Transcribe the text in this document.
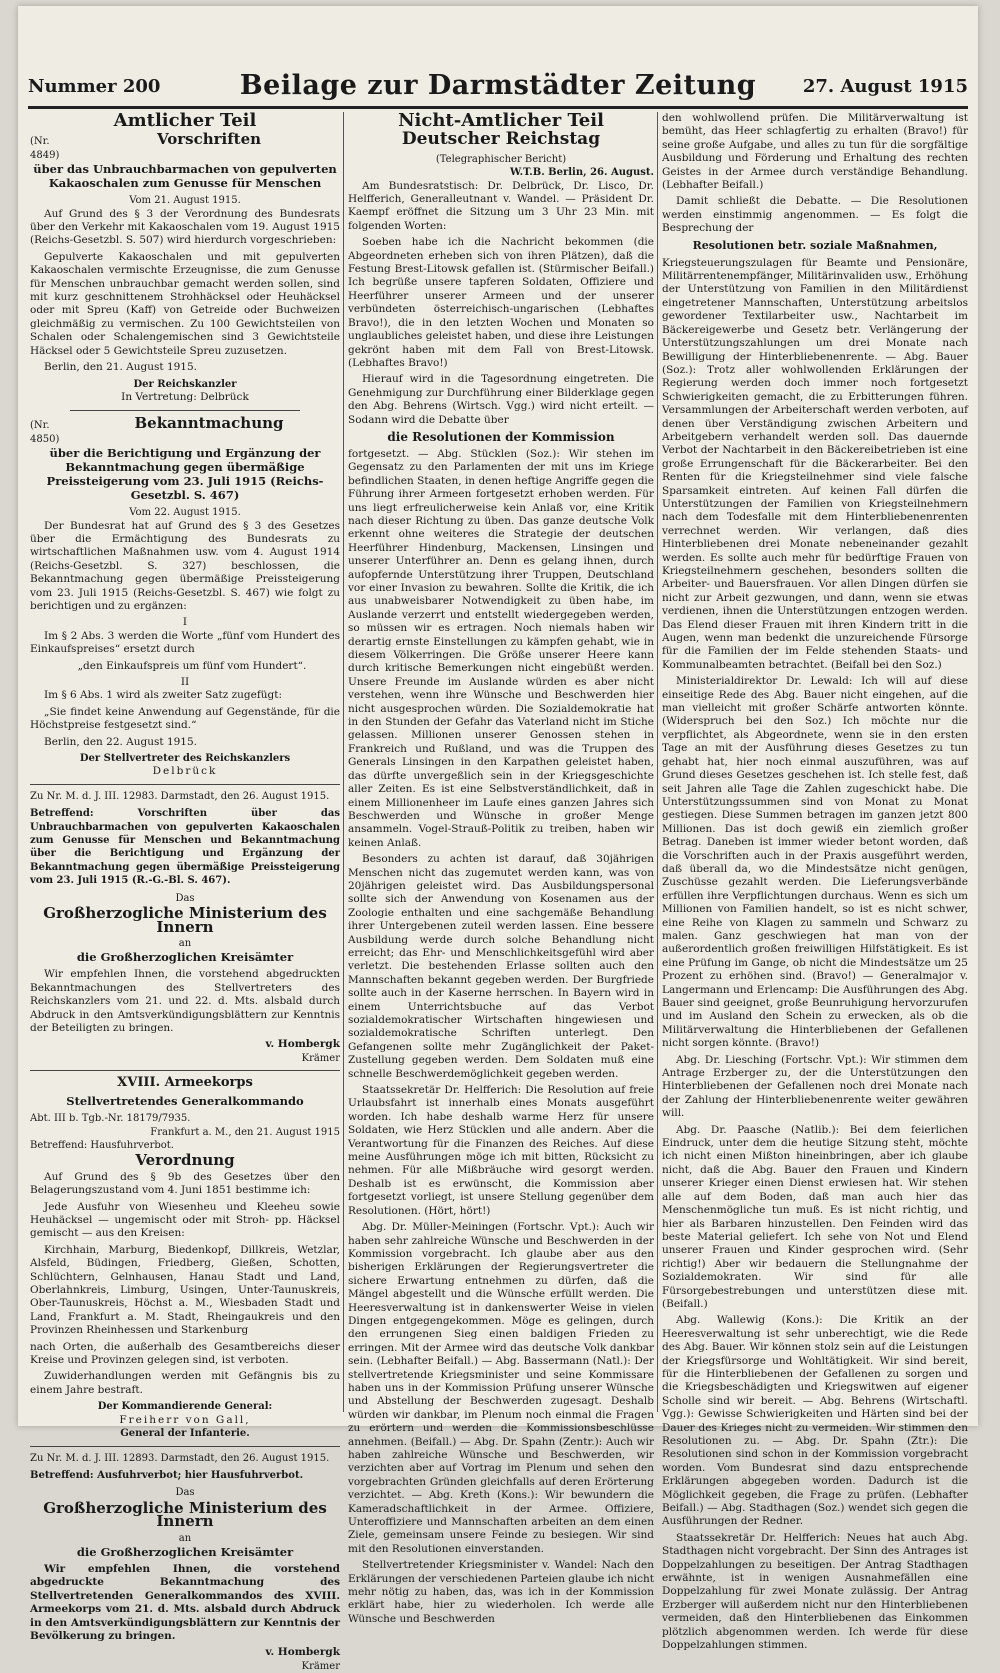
Nummer 200	Beilage zur Darmstädter Zeitung	27. August 1915
Amtlicher Teil
(Nr. 4849)
Vorschriften
über das Unbrauchbarmachen von gepulverten Kakaoschalen zum Genusse für Menschen
Vom 21. August 1915.

Auf Grund des § 3 der Verordnung des Bundesrats über den Verkehr mit Kakaoschalen vom 19. August 1915 (Reichs-Gesetzbl. S. 507) wird hierdurch vorgeschrieben:

Gepulverte Kakaoschalen und mit gepulverten Kakaoschalen vermischte Erzeugnisse, die zum Genusse für Menschen unbrauchbar gemacht werden sollen, sind mit kurz geschnittenem Strohhäcksel oder Heuhäcksel oder mit Spreu (Kaff) von Getreide oder Buchweizen gleichmäßig zu vermischen. Zu 100 Gewichtsteilen von Schalen oder Schalengemischen sind 3 Gewichtsteile Häcksel oder 5 Gewichtsteile Spreu zuzusetzen.

Berlin, den 21. August 1915.

Der Reichskanzler
In Vertretung: Delbrück
(Nr. 4850)
Bekanntmachung
über die Berichtigung und Ergänzung der Bekanntmachung gegen übermäßige Preissteigerung vom 23. Juli 1915 (Reichs-Gesetzbl. S. 467)
Vom 22. August 1915.

Der Bundesrat hat auf Grund des § 3 des Gesetzes über die Ermächtigung des Bundesrats zu wirtschaftlichen Maßnahmen usw. vom 4. August 1914 (Reichs-Gesetzbl. S. 327) beschlossen, die Bekanntmachung gegen übermäßige Preissteigerung vom 23. Juli 1915 (Reichs-Gesetzbl. S. 467) wie folgt zu berichtigen und zu ergänzen:

I

Im § 2 Abs. 3 werden die Worte „fünf vom Hundert des Einkaufspreises“ ersetzt durch

„den Einkaufspreis um fünf vom Hundert“.

II

Im § 6 Abs. 1 wird als zweiter Satz zugefügt:

„Sie findet keine Anwendung auf Gegenstände, für die Höchstpreise festgesetzt sind.“

Berlin, den 22. August 1915.

Der Stellvertreter des Reichskanzlers
Delbrück
Zu Nr. M. d. J. III. 12983. Darmstadt, den 26. August 1915.
Betreffend: Vorschriften über das Unbrauchbarmachen von gepulverten Kakaoschalen zum Genusse für Menschen und Bekanntmachung über die Berichtigung und Ergänzung der Bekanntmachung gegen übermäßige Preissteigerung vom 23. Juli 1915 (R.-G.-Bl. S. 467).
Das
Großherzogliche Ministerium des Innern
an
die Großherzoglichen Kreisämter

Wir empfehlen Ihnen, die vorstehend abgedruckten Bekanntmachungen des Stellvertreters des Reichskanzlers vom 21. und 22. d. Mts. alsbald durch Abdruck in den Amtsverkündigungsblättern zur Kenntnis der Beteiligten zu bringen.

v. Hombergk
Krämer
XVIII. Armeekorps
Stellvertretendes Generalkommando
Abt. III b. Tgb.-Nr. 18179/7935.
Frankfurt a. M., den 21. August 1915
Betreffend: Hausfuhrverbot.
Verordnung

Auf Grund des § 9b des Gesetzes über den Belagerungszustand vom 4. Juni 1851 bestimme ich:

Jede Ausfuhr von Wiesenheu und Kleeheu sowie Heuhäcksel — ungemischt oder mit Stroh- pp. Häcksel gemischt — aus den Kreisen:

Kirchhain, Marburg, Biedenkopf, Dillkreis, Wetzlar, Alsfeld, Büdingen, Friedberg, Gießen, Schotten, Schlüchtern, Gelnhausen, Hanau Stadt und Land, Oberlahnkreis, Limburg, Usingen, Unter-Taunuskreis, Ober-Taunuskreis, Höchst a. M., Wiesbaden Stadt und Land, Frankfurt a. M. Stadt, Rheingaukreis und den Provinzen Rheinhessen und Starkenburg

nach Orten, die außerhalb des Gesamtbereichs dieser Kreise und Provinzen gelegen sind, ist verboten.

Zuwiderhandlungen werden mit Gefängnis bis zu einem Jahre bestraft.

Der Kommandierende General:
Freiherr von Gall,
General der Infanterie.
Zu Nr. M. d. J. III. 12893. Darmstadt, den 26. August 1915.
Betreffend: Ausfuhrverbot; hier Hausfuhrverbot.
Das
Großherzogliche Ministerium des Innern
an
die Großherzoglichen Kreisämter

Wir empfehlen Ihnen, die vorstehend abgedruckte Bekanntmachung des Stellvertretenden Generalkommandos des XVIII. Armeekorps vom 21. d. Mts. alsbald durch Abdruck in den Amtsverkündigungsblättern zur Kenntnis der Bevölkerung zu bringen.

v. Hombergk
Krämer
Nicht-Amtlicher Teil
Deutscher Reichstag
(Telegraphischer Bericht)
W.T.B. Berlin, 26. August.

Am Bundesratstisch: Dr. Delbrück, Dr. Lisco, Dr. Helfferich, Generalleutnant v. Wandel. — Präsident Dr. Kaempf eröffnet die Sitzung um 3 Uhr 23 Min. mit folgenden Worten:

Soeben habe ich die Nachricht bekommen (die Abgeordneten erheben sich von ihren Plätzen), daß die Festung Brest-Litowsk gefallen ist. (Stürmischer Beifall.) Ich begrüße unsere tapferen Soldaten, Offiziere und Heerführer unserer Armeen und der unserer verbündeten österreichisch-ungarischen (Lebhaftes Bravo!), die in den letzten Wochen und Monaten so unglaubliches geleistet haben, und diese ihre Leistungen gekrönt haben mit dem Fall von Brest-Litowsk. (Lebhaftes Bravo!)

Hierauf wird in die Tagesordnung eingetreten. Die Genehmigung zur Durchführung einer Bilderklage gegen den Abg. Behrens (Wirtsch. Vgg.) wird nicht erteilt. — Sodann wird die Debatte über

die Resolutionen der Kommission

fortgesetzt. — Abg. Stücklen (Soz.): Wir stehen im Gegensatz zu den Parlamenten der mit uns im Kriege befindlichen Staaten, in denen heftige Angriffe gegen die Führung ihrer Armeen fortgesetzt erhoben werden. Für uns liegt erfreulicherweise kein Anlaß vor, eine Kritik nach dieser Richtung zu üben. Das ganze deutsche Volk erkennt ohne weiteres die Strategie der deutschen Heerführer Hindenburg, Mackensen, Linsingen und unserer Unterführer an. Denn es gelang ihnen, durch aufopfernde Unterstützung ihrer Truppen, Deutschland vor einer Invasion zu bewahren. Sollte die Kritik, die ich aus unabweisbarer Notwendigkeit zu üben habe, im Auslande verzerrt und entstellt wiedergegeben werden, so müssen wir es ertragen. Noch niemals haben wir derartig ernste Einstellungen zu kämpfen gehabt, wie in diesem Völkerringen. Die Größe unserer Heere kann durch kritische Bemerkungen nicht eingebüßt werden. Unsere Freunde im Auslande würden es aber nicht verstehen, wenn ihre Wünsche und Beschwerden hier nicht ausgesprochen würden. Die Sozialdemokratie hat in den Stunden der Gefahr das Vaterland nicht im Stiche gelassen. Millionen unserer Genossen stehen in Frankreich und Rußland, und was die Truppen des Generals Linsingen in den Karpathen geleistet haben, das dürfte unvergeßlich sein in der Kriegsgeschichte aller Zeiten. Es ist eine Selbstverständlichkeit, daß in einem Millionenheer im Laufe eines ganzen Jahres sich Beschwerden und Wünsche in großer Menge ansammeln. Vogel-Strauß-Politik zu treiben, haben wir keinen Anlaß.

Besonders zu achten ist darauf, daß 30jährigen Menschen nicht das zugemutet werden kann, was von 20jährigen geleistet wird. Das Ausbildungspersonal sollte sich der Anwendung von Kosenamen aus der Zoologie enthalten und eine sachgemäße Behandlung ihrer Untergebenen zuteil werden lassen. Eine bessere Ausbildung werde durch solche Behandlung nicht erreicht; das Ehr- und Menschlichkeitsgefühl wird aber verletzt. Die bestehenden Erlasse sollten auch den Mannschaften bekannt gegeben werden. Der Burgfriede sollte auch in der Kaserne herrschen. In Bayern wird in einem Unterrichtsbuche auf das Verbot sozialdemokratischer Wirtschaften hingewiesen und sozialdemokratische Schriften unterlegt. Den Gefangenen sollte mehr Zugänglichkeit der Paket-Zustellung gegeben werden. Dem Soldaten muß eine schnelle Beschwerdemöglichkeit gegeben werden.

Staatssekretär Dr. Helfferich: Die Resolution auf freie Urlaubsfahrt ist innerhalb eines Monats ausgeführt worden. Ich habe deshalb warme Herz für unsere Soldaten, wie Herz Stücklen und alle andern. Aber die Verantwortung für die Finanzen des Reiches. Auf diese meine Ausführungen möge ich mit bitten, Rücksicht zu nehmen. Für alle Mißbräuche wird gesorgt werden. Deshalb ist es erwünscht, die Kommission aber fortgesetzt vorliegt, ist unsere Stellung gegenüber dem Resolutionen. (Hört, hört!)

Abg. Dr. Müller-Meiningen (Fortschr. Vpt.): Auch wir haben sehr zahlreiche Wünsche und Beschwerden in der Kommission vorgebracht. Ich glaube aber aus den bisherigen Erklärungen der Regierungsvertreter die sichere Erwartung entnehmen zu dürfen, daß die Mängel abgestellt und die Wünsche erfüllt werden. Die Heeresverwaltung ist in dankenswerter Weise in vielen Dingen entgegengekommen. Möge es gelingen, durch den errungenen Sieg einen baldigen Frieden zu erringen. Mit der Armee wird das deutsche Volk dankbar sein. (Lebhafter Beifall.) — Abg. Bassermann (Natl.): Der stellvertretende Kriegsminister und seine Kommissare haben uns in der Kommission Prüfung unserer Wünsche und Abstellung der Beschwerden zugesagt. Deshalb würden wir dankbar, im Plenum noch einmal die Fragen zu erörtern und werden die Kommissionsbeschlüsse annehmen. (Beifall.) — Abg. Dr. Spahn (Zentr.): Auch wir haben zahlreiche Wünsche und Beschwerden, wir verzichten aber auf Vortrag im Plenum und sehen den vorgebrachten Gründen gleichfalls auf deren Erörterung verzichtet. — Abg. Kreth (Kons.): Wir bewundern die Kameradschaftlichkeit in der Armee. Offiziere, Unteroffiziere und Mannschaften arbeiten an dem einen Ziele, gemeinsam unsere Feinde zu besiegen. Wir sind mit den Resolutionen einverstanden.

Stellvertretender Kriegsminister v. Wandel: Nach den Erklärungen der verschiedenen Parteien glaube ich nicht mehr nötig zu haben, das, was ich in der Kommission erklärt habe, hier zu wiederholen. Ich werde alle Wünsche und Beschwerden

den wohlwollend prüfen. Die Militärverwaltung ist bemüht, das Heer schlagfertig zu erhalten (Bravo!) für seine große Aufgabe, und alles zu tun für die sorgfältige Ausbildung und Förderung und Erhaltung des rechten Geistes in der Armee durch verständige Behandlung. (Lebhafter Beifall.)

Damit schließt die Debatte. — Die Resolutionen werden einstimmig angenommen. — Es folgt die Besprechung der

Resolutionen betr. soziale Maßnahmen,

Kriegsteuerungszulagen für Beamte und Pensionäre, Militärrentenempfänger, Militärinvaliden usw., Erhöhung der Unterstützung von Familien in den Militärdienst eingetretener Mannschaften, Unterstützung arbeitslos gewordener Textilarbeiter usw., Nachtarbeit im Bäckereigewerbe und Gesetz betr. Verlängerung der Unterstützungszahlungen um drei Monate nach Bewilligung der Hinterbliebenenrente. — Abg. Bauer (Soz.): Trotz aller wohlwollenden Erklärungen der Regierung werden doch immer noch fortgesetzt Schwierigkeiten gemacht, die zu Erbitterungen führen. Versammlungen der Arbeiterschaft werden verboten, auf denen über Verständigung zwischen Arbeitern und Arbeitgebern verhandelt werden soll. Das dauernde Verbot der Nachtarbeit in den Bäckereibetrieben ist eine große Errungenschaft für die Bäckerarbeiter. Bei den Renten für die Kriegsteilnehmer sind viele falsche Sparsamkeit eintreten. Auf keinen Fall dürfen die Unterstützungen der Familien von Kriegsteilnehmern nach dem Todesfalle mit dem Hinterbliebenenrenten verrechnet werden. Wir verlangen, daß dies Hinterbliebenen drei Monate nebeneinander gezahlt werden. Es sollte auch mehr für bedürftige Frauen von Kriegsteilnehmern geschehen, besonders sollten die Arbeiter- und Bauersfrauen. Vor allen Dingen dürfen sie nicht zur Arbeit gezwungen, und dann, wenn sie etwas verdienen, ihnen die Unterstützungen entzogen werden. Das Elend dieser Frauen mit ihren Kindern tritt in die Augen, wenn man bedenkt die unzureichende Fürsorge für die Familien der im Felde stehenden Staats- und Kommunalbeamten betrachtet. (Beifall bei den Soz.)

Ministerialdirektor Dr. Lewald: Ich will auf diese einseitige Rede des Abg. Bauer nicht eingehen, auf die man vielleicht mit großer Schärfe antworten könnte. (Widerspruch bei den Soz.) Ich möchte nur die verpflichtet, als Abgeordnete, wenn sie in den ersten Tage an mit der Ausführung dieses Gesetzes zu tun gehabt hat, hier noch einmal auszuführen, was auf Grund dieses Gesetzes geschehen ist. Ich stelle fest, daß seit Jahren alle Tage die Zahlen zugeschickt habe. Die Unterstützungssummen sind von Monat zu Monat gestiegen. Diese Summen betragen im ganzen jetzt 800 Millionen. Das ist doch gewiß ein ziemlich großer Betrag. Daneben ist immer wieder betont worden, daß die Vorschriften auch in der Praxis ausgeführt werden, daß überall da, wo die Mindestsätze nicht genügen, Zuschüsse gezahlt werden. Die Lieferungsverbände erfüllen ihre Verpflichtungen durchaus. Wenn es sich um Millionen von Familien handelt, so ist es nicht schwer, eine Reihe von Klagen zu sammeln und Schwarz zu malen. Ganz geschwiegen hat man von der außerordentlich großen freiwilligen Hilfstätigkeit. Es ist eine Prüfung im Gange, ob nicht die Mindestsätze um 25 Prozent zu erhöhen sind. (Bravo!) — Generalmajor v. Langermann und Erlencamp: Die Ausführungen des Abg. Bauer sind geeignet, große Beunruhigung hervorzurufen und im Ausland den Schein zu erwecken, als ob die Militärverwaltung die Hinterbliebenen der Gefallenen nicht sorgen könnte. (Bravo!)

Abg. Dr. Liesching (Fortschr. Vpt.): Wir stimmen dem Antrage Erzberger zu, der die Unterstützungen den Hinterbliebenen der Gefallenen noch drei Monate nach der Zahlung der Hinterbliebenenrente weiter gewähren will.

Abg. Dr. Paasche (Natlib.): Bei dem feierlichen Eindruck, unter dem die heutige Sitzung steht, möchte ich nicht einen Mißton hineinbringen, aber ich glaube nicht, daß die Abg. Bauer den Frauen und Kindern unserer Krieger einen Dienst erwiesen hat. Wir stehen alle auf dem Boden, daß man auch hier das Menschenmögliche tun muß. Es ist nicht richtig, und hier als Barbaren hinzustellen. Den Feinden wird das beste Material geliefert. Ich sehe von Not und Elend unserer Frauen und Kinder gesprochen wird. (Sehr richtig!) Aber wir bedauern die Stellungnahme der Sozialdemokraten. Wir sind für alle Fürsorgebestrebungen und unterstützen diese mit. (Beifall.)

Abg. Wallewig (Kons.): Die Kritik an der Heeresverwaltung ist sehr unberechtigt, wie die Rede des Abg. Bauer. Wir können stolz sein auf die Leistungen der Kriegsfürsorge und Wohltätigkeit. Wir sind bereit, für die Hinterbliebenen der Gefallenen zu sorgen und die Kriegsbeschädigten und Kriegswitwen auf eigener Scholle sind wir bereit. — Abg. Behrens (Wirtschaftl. Vgg.): Gewisse Schwierigkeiten und Härten sind bei der Dauer des Krieges nicht zu vermeiden. Wir stimmen den Resolutionen zu. — Abg. Dr. Spahn (Ztr.): Die Resolutionen sind schon in der Kommission vorgebracht worden. Vom Bundesrat sind dazu entsprechende Erklärungen abgegeben worden. Dadurch ist die Möglichkeit gegeben, die Frage zu prüfen. (Lebhafter Beifall.) — Abg. Stadthagen (Soz.) wendet sich gegen die Ausführungen der Redner.

Staatssekretär Dr. Helfferich: Neues hat auch Abg. Stadthagen nicht vorgebracht. Der Sinn des Antrages ist Doppelzahlungen zu beseitigen. Der Antrag Stadthagen erwähnte, ist in wenigen Ausnahmefällen eine Doppelzahlung für zwei Monate zulässig. Der Antrag Erzberger will außerdem nicht nur den Hinterbliebenen vermeiden, daß den Hinterbliebenen das Einkommen plötzlich abgenommen werden. Ich werde für diese Doppelzahlungen stimmen.
